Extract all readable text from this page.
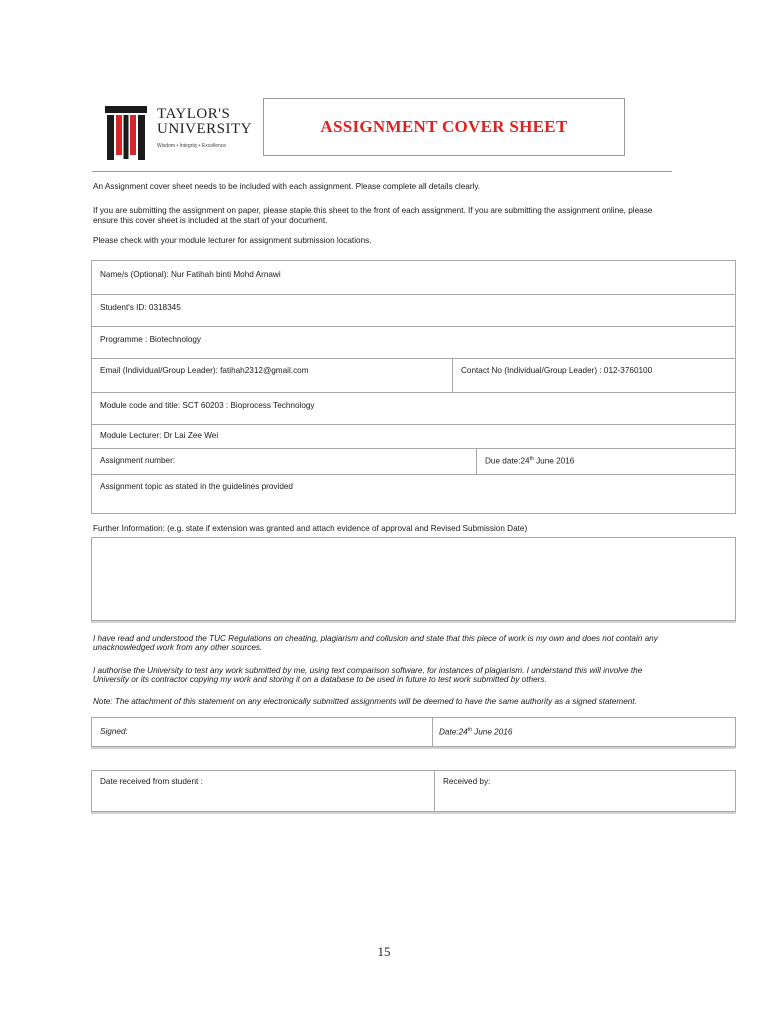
TAYLOR'S
UNIVERSITY
Wisdom • Integrity • Excellence
ASSIGNMENT COVER SHEET
An Assignment cover sheet needs to be included with each assignment. Please complete all details clearly.
If you are submitting the assignment on paper, please staple this sheet to the front of each assignment. If you are submitting the assignment online, please ensure this cover sheet is included at the start of your document.
Please check with your module lecturer for assignment submission locations.
Name/s (Optional): Nur Fatihah binti Mohd Arnawi
Student's ID: 0318345
Programme : Biotechnology
Email (Individual/Group Leader): fatihah2312@gmail.com	Contact No (Individual/Group Leader) : 012-3760100
Module code and title: SCT 60203 : Bioprocess Technology
Module Lecturer: Dr Lai Zee Wei
Assignment number:	Due date:24th June 2016
Assignment topic as stated in the guidelines provided
Further Information: (e.g. state if extension was granted and attach evidence of approval and Revised Submission Date)
I have read and understood the TUC Regulations on cheating, plagiarism and collusion and state that this piece of work is my own and does not contain any unacknowledged work from any other sources.
I authorise the University to test any work submitted by me, using text comparison software, for instances of plagiarism. I understand this will involve the University or its contractor copying my work and storing it on a database to be used in future to test work submitted by others.
Note: The attachment of this statement on any electronically submitted assignments will be deemed to have the same authority as a signed statement.
Signed:	Date:24th June 2016
Date received from student :	Received by:
15
